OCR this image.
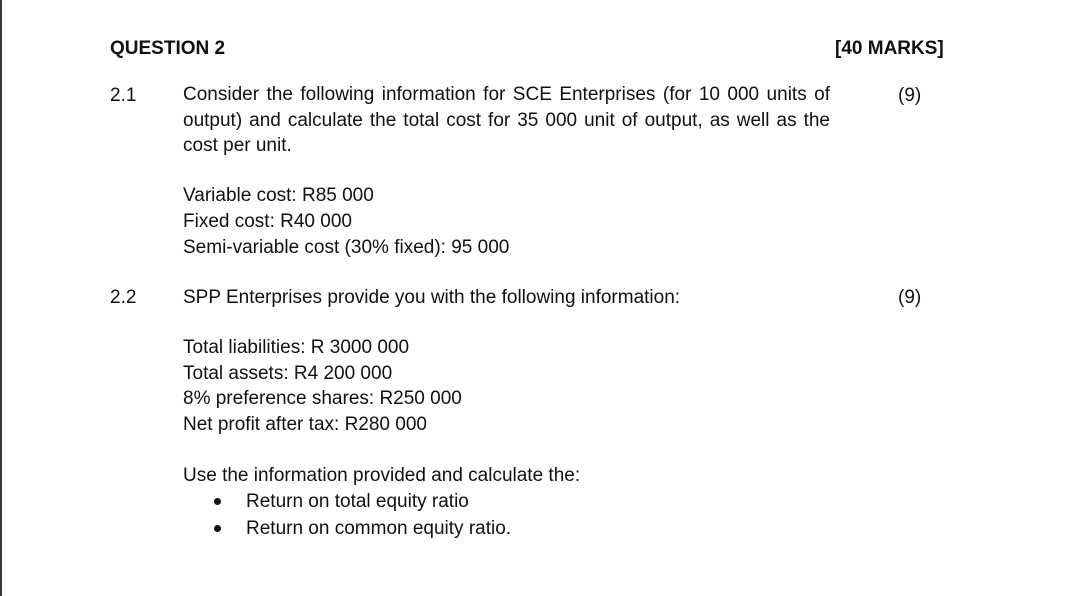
QUESTION 2	[40 MARKS]
2.1 Consider the following information for SCE Enterprises (for 10 000 units of output) and calculate the total cost for 35 000 unit of output, as well as the cost per unit.
(9)
Variable cost: R85 000
Fixed cost: R40 000
Semi-variable cost (30% fixed): 95 000
2.2 SPP Enterprises provide you with the following information:	(9)
Total liabilities: R 3000 000
Total assets: R4 200 000
8% preference shares: R250 000
Net profit after tax: R280 000
Use the information provided and calculate the:
Return on total equity ratio
Return on common equity ratio.
